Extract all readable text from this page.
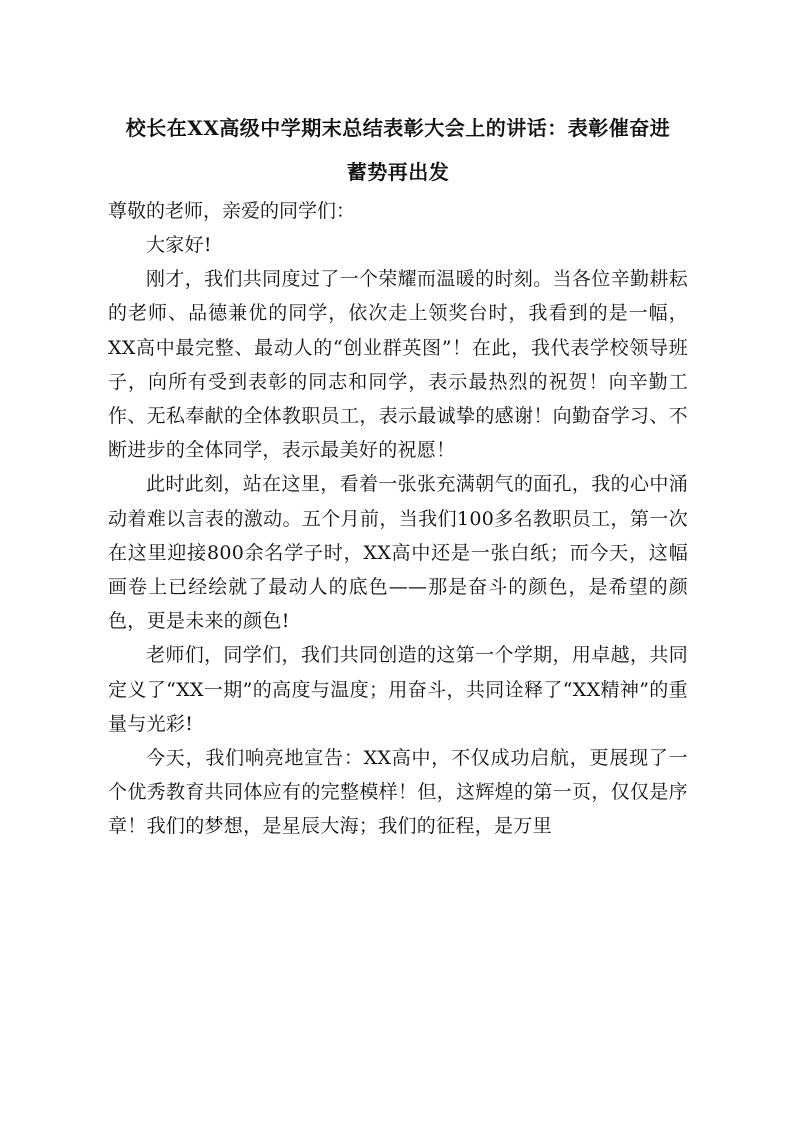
校长在XX高级中学期末总结表彰大会上的讲话：表彰催奋进　蓄势再出发

尊敬的老师，亲爱的同学们：

大家好!

刚才，我们共同度过了一个荣耀而温暖的时刻。当各位辛勤耕耘的老师、品德兼优的同学，依次走上领奖台时，我看到的是一幅，XX高中最完整、最动人的“创业群英图”！在此，我代表学校领导班子，向所有受到表彰的同志和同学，表示最热烈的祝贺！向辛勤工作、无私奉献的全体教职员工，表示最诚挚的感谢！向勤奋学习、不断进步的全体同学，表示最美好的祝愿！

此时此刻，站在这里，看着一张张充满朝气的面孔，我的心中涌动着难以言表的激动。五个月前，当我们100多名教职员工，第一次在这里迎接800余名学子时，XX高中还是一张白纸；而今天，这幅画卷上已经绘就了最动人的底色——那是奋斗的颜色，是希望的颜色，更是未来的颜色!

老师们，同学们，我们共同创造的这第一个学期，用卓越，共同定义了“XX一期”的高度与温度；用奋斗，共同诠释了“XX精神”的重量与光彩!

今天，我们响亮地宣告：XX高中，不仅成功启航，更展现了一个优秀教育共同体应有的完整模样！但，这辉煌的第一页，仅仅是序章！我们的梦想，是星辰大海；我们的征程，是万里
